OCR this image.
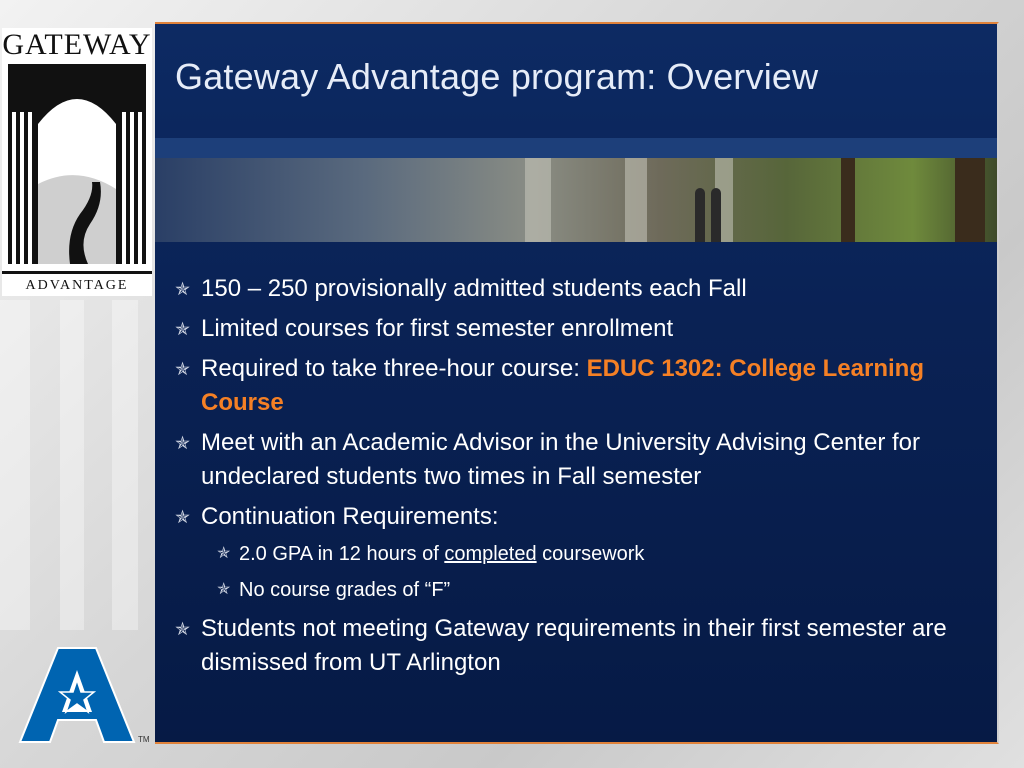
GATEWAY
ADVANTAGE
Gateway Advantage program: Overview
✯ 150 – 250 provisionally admitted students each Fall
✯ Limited courses for first semester enrollment
✯ Required to take three-hour course: EDUC 1302: College Learning Course
✯ Meet with an Academic Advisor in the University Advising Center for undeclared students two times in Fall semester
✯ Continuation Requirements:
✯ 2.0 GPA in 12 hours of completed coursework
✯ No course grades of “F”
✯ Students not meeting Gateway requirements in their first semester are dismissed from UT Arlington
TM
